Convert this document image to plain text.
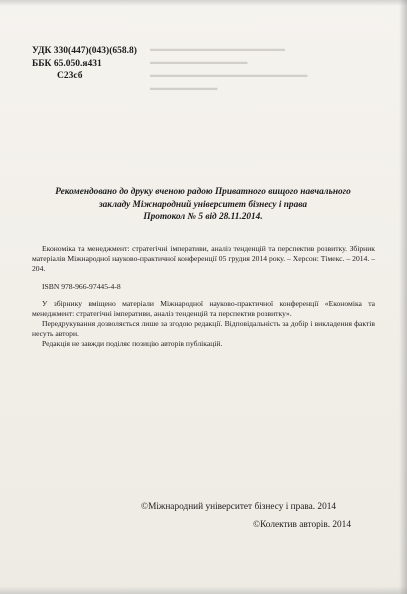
▬▬▬▬▬▬▬▬▬▬▬▬▬▬▬▬▬▬
▬▬▬▬▬▬▬▬▬▬▬▬▬
▬▬▬▬▬▬▬▬▬▬▬▬▬▬▬▬▬▬▬▬▬
▬▬▬▬▬▬▬▬▬
УДК 330(447)(043)(658.8)
ББК 65.050.я431
С23сб
Рекомендовано до друку вченою радою Приватного вищого навчального
закладу Міжнародний університет бізнесу і права
Протокол № 5 від 28.11.2014.
Економіка та менеджмент: стратегічні імперативи, аналіз тенденцій та перспектив розвитку. Збірник матеріалів Міжнародної науково-практичної конференції 05 грудня 2014 року. – Херсон: Тімекс. – 2014. – 204.
ISBN 978-966-97445-4-8

У збірнику вміщено матеріали Міжнародної науково-практичної конференції «Економіка та менеджмент: стратегічні імперативи, аналіз тенденцій та перспектив розвитку».

Передрукування дозволяється лише за згодою редакції. Відповідальність за добір і викладення фактів несуть автори.

Редакція не завжди поділяє позицію авторів публікацій.

©Міжнародний університет бізнесу і права. 2014
©Колектив авторів. 2014
